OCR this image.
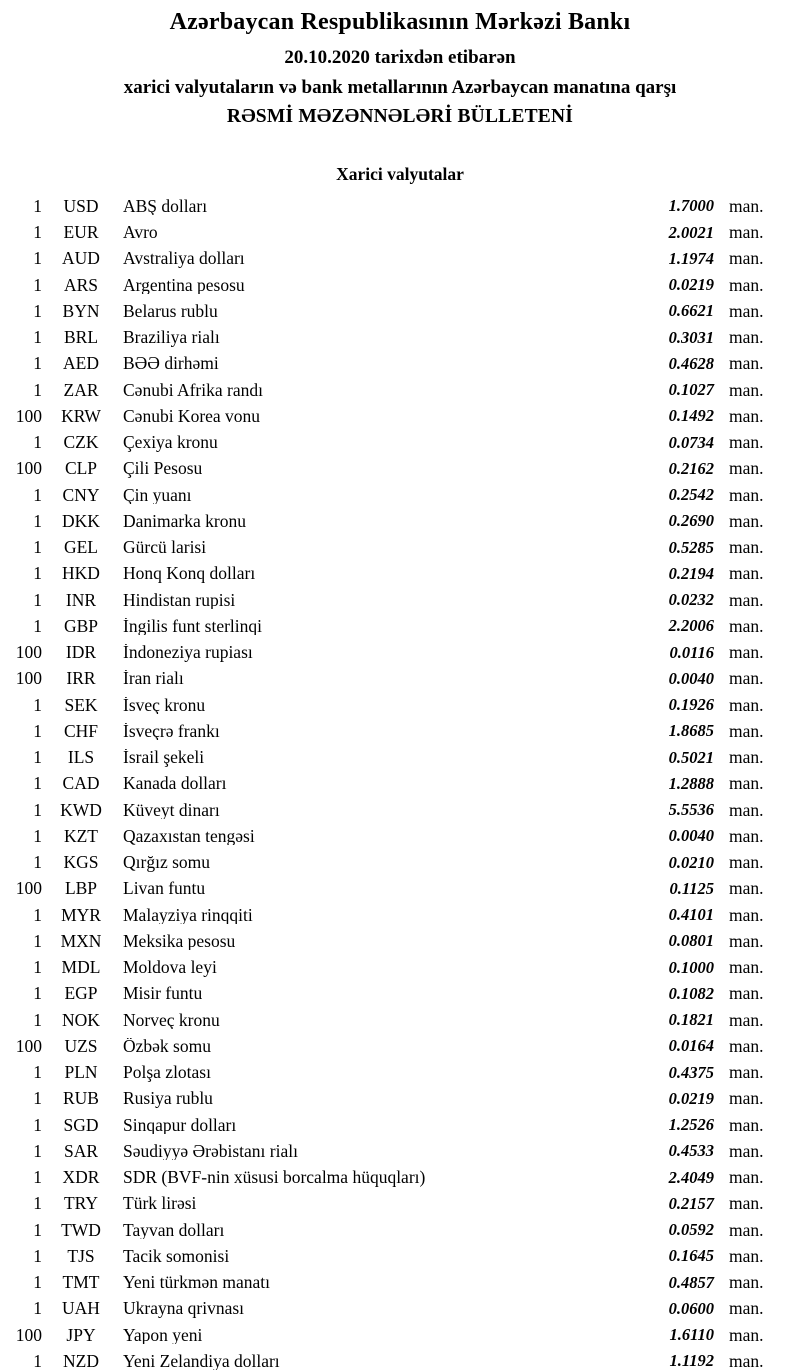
Azərbaycan Respublikasının Mərkəzi Bankı
20.10.2020 tarixdən etibarən
xarici valyutaların və bank metallarının Azərbaycan manatına qarşı
RƏSMİ MƏZƏNNƏLƏRİ BÜLLETENİ
Xarici valyutalar
1	USD	ABŞ dolları	1.7000 man.
1	EUR	Avro	2.0021 man.
1	AUD	Avstraliya dolları	1.1974 man.
1	ARS	Argentina pesosu	0.0219 man.
1	BYN	Belarus rublu	0.6621 man.
1	BRL	Braziliya rialı	0.3031 man.
1	AED	BƏƏ dirhəmi	0.4628 man.
1	ZAR	Cənubi Afrika randı	0.1027 man.
100	KRW	Cənubi Korea vonu	0.1492 man.
1	CZK	Çexiya kronu	0.0734 man.
100	CLP	Çili Pesosu	0.2162 man.
1	CNY	Çin yuanı	0.2542 man.
1	DKK	Danimarka kronu	0.2690 man.
1	GEL	Gürcü larisi	0.5285 man.
1	HKD	Honq Konq dolları	0.2194 man.
1	INR	Hindistan rupisi	0.0232 man.
1	GBP	İngilis funt sterlinqi	2.2006 man.
100	IDR	İndoneziya rupiası	0.0116 man.
100	IRR	İran rialı	0.0040 man.
1	SEK	İsveç kronu	0.1926 man.
1	CHF	İsveçrə frankı	1.8685 man.
1	ILS	İsrail şekeli	0.5021 man.
1	CAD	Kanada dolları	1.2888 man.
1	KWD	Küveyt dinarı	5.5536 man.
1	KZT	Qazaxıstan tengəsi	0.0040 man.
1	KGS	Qırğız somu	0.0210 man.
100	LBP	Livan funtu	0.1125 man.
1	MYR	Malayziya rinqqiti	0.4101 man.
1	MXN	Meksika pesosu	0.0801 man.
1	MDL	Moldova leyi	0.1000 man.
1	EGP	Misir funtu	0.1082 man.
1	NOK	Norveç kronu	0.1821 man.
100	UZS	Özbək somu	0.0164 man.
1	PLN	Polşa zlotası	0.4375 man.
1	RUB	Rusiya rublu	0.0219 man.
1	SGD	Sinqapur dolları	1.2526 man.
1	SAR	Səudiyyə Ərəbistanı rialı	0.4533 man.
1	XDR	SDR (BVF-nin xüsusi borcalma hüquqları)	2.4049 man.
1	TRY	Türk lirəsi	0.2157 man.
1	TWD	Tayvan dolları	0.0592 man.
1	TJS	Tacik somonisi	0.1645 man.
1	TMT	Yeni türkmən manatı	0.4857 man.
1	UAH	Ukrayna qrivnası	0.0600 man.
100	JPY	Yapon yeni	1.6110 man.
1	NZD	Yeni Zelandiya dolları	1.1192 man.
